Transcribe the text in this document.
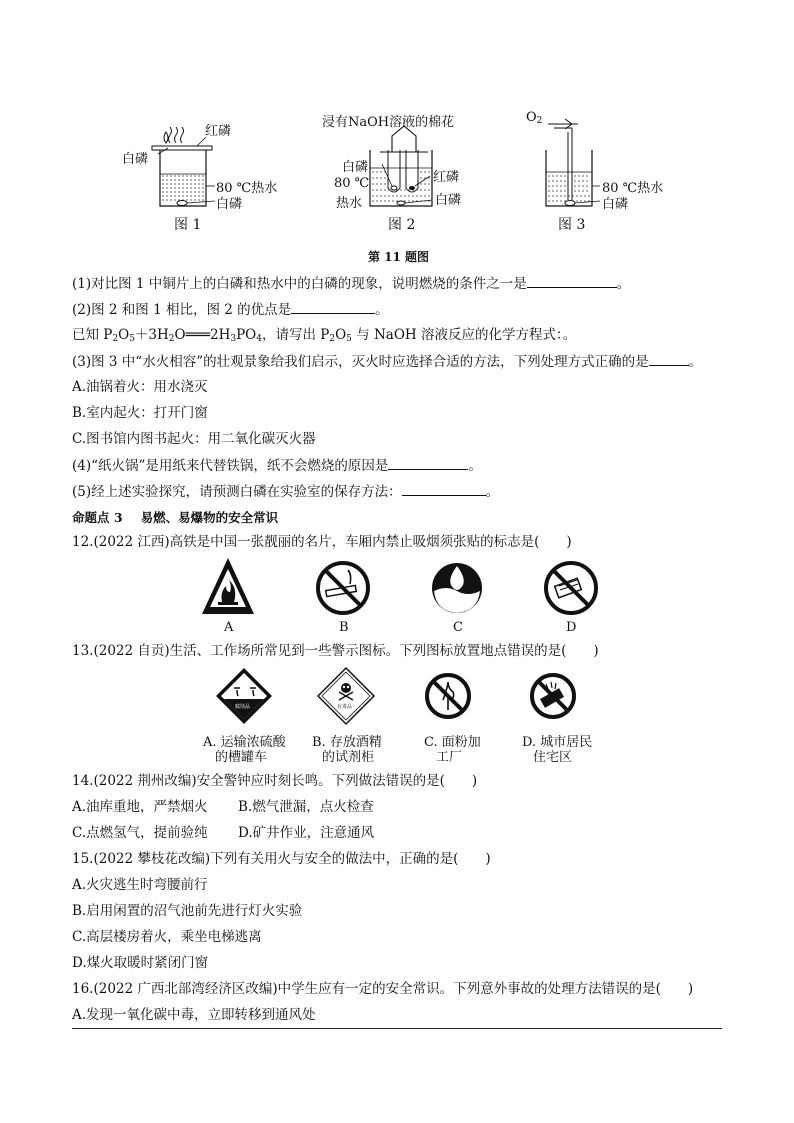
红磷
白磷
80 ℃热水
白磷
图 1
浸有NaOH溶液的棉花
白磷
80 ℃
热水
红磷
白磷
图 2
$O_2$
80 ℃热水
白磷
图 3
第 11 题图
(1)对比图 1 中铜片上的白磷和热水中的白磷的现象，说明燃烧的条件之一是	。
(2)图 2 和图 1 相比，图 2 的优点是	。
已知 $P_2O_5+3H_2O═══2H_3PO_4$，请写出 $P_2O_5$ 与 NaOH 溶液反应的化学方程式：。
(3)图 3 中“水火相容”的壮观景象给我们启示，灭火时应选择合适的方法，下列处理方式正确的是	。
A.油锅着火：用水浇灭
B.室内起火：打开门窗
C.图书馆内图书起火：用二氧化碳灭火器
(4)“纸火锅”是用纸来代替铁锅，纸不会燃烧的原因是	。
(5)经上述实验探究，请预测白磷在实验室的保存方法：	。
命题点 3 易燃、易爆物的安全常识
12.(2022 江西)高铁是中国一张靓丽的名片，车厢内禁止吸烟须张贴的标志是(　　)
A	B	C	D
13.(2022 自贡)生活、工作场所常见到一些警示图标。下列图标放置地点错误的是(　　)
腐蚀品	有毒品
A. 运输浓硫酸
的槽罐车
B. 存放酒精
的试剂柜
C. 面粉加
工厂
D. 城市居民
住宅区
14.(2022 荆州改编)安全警钟应时刻长鸣。下列做法错误的是(　　)
A.油库重地，严禁烟火 B.燃气泄漏，点火检查
C.点燃氢气，提前验纯 D.矿井作业，注意通风
15.(2022 攀枝花改编)下列有关用火与安全的做法中，正确的是(　　)
A.火灾逃生时弯腰前行
B.启用闲置的沼气池前先进行灯火实验
C.高层楼房着火，乘坐电梯逃离
D.煤火取暖时紧闭门窗
16.(2022 广西北部湾经济区改编)中学生应有一定的安全常识。下列意外事故的处理方法错误的是(　　)
A.发现一氧化碳中毒，立即转移到通风处
